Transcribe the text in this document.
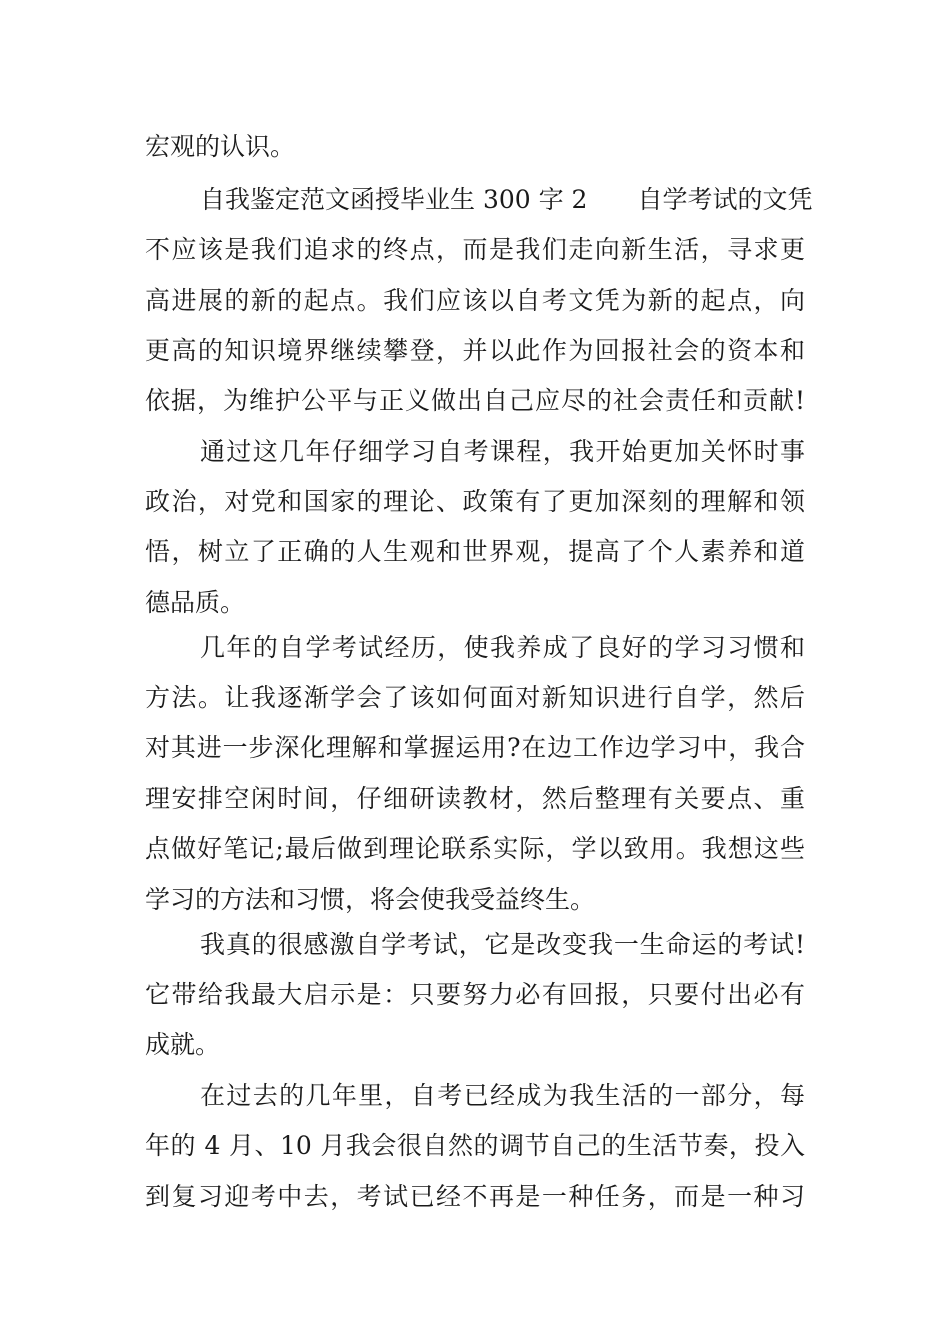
宏观的认识。

自我鉴定范文函授毕业生 300 字 2　　自学考试的文凭

不应该是我们追求的终点，而是我们走向新生活，寻求更

高进展的新的起点。我们应该以自考文凭为新的起点，向

更高的知识境界继续攀登，并以此作为回报社会的资本和

依据，为维护公平与正义做出自己应尽的社会责任和贡献!

通过这几年仔细学习自考课程，我开始更加关怀时事

政治，对党和国家的理论、政策有了更加深刻的理解和领

悟，树立了正确的人生观和世界观，提高了个人素养和道

德品质。

几年的自学考试经历，使我养成了良好的学习习惯和

方法。让我逐渐学会了该如何面对新知识进行自学，然后

对其进一步深化理解和掌握运用?在边工作边学习中，我合

理安排空闲时间，仔细研读教材，然后整理有关要点、重

点做好笔记;最后做到理论联系实际，学以致用。我想这些

学习的方法和习惯，将会使我受益终生。

我真的很感激自学考试，它是改变我一生命运的考试!

它带给我最大启示是：只要努力必有回报，只要付出必有

成就。

在过去的几年里，自考已经成为我生活的一部分，每

年的 4 月、10 月我会很自然的调节自己的生活节奏，投入

到复习迎考中去，考试已经不再是一种任务，而是一种习
